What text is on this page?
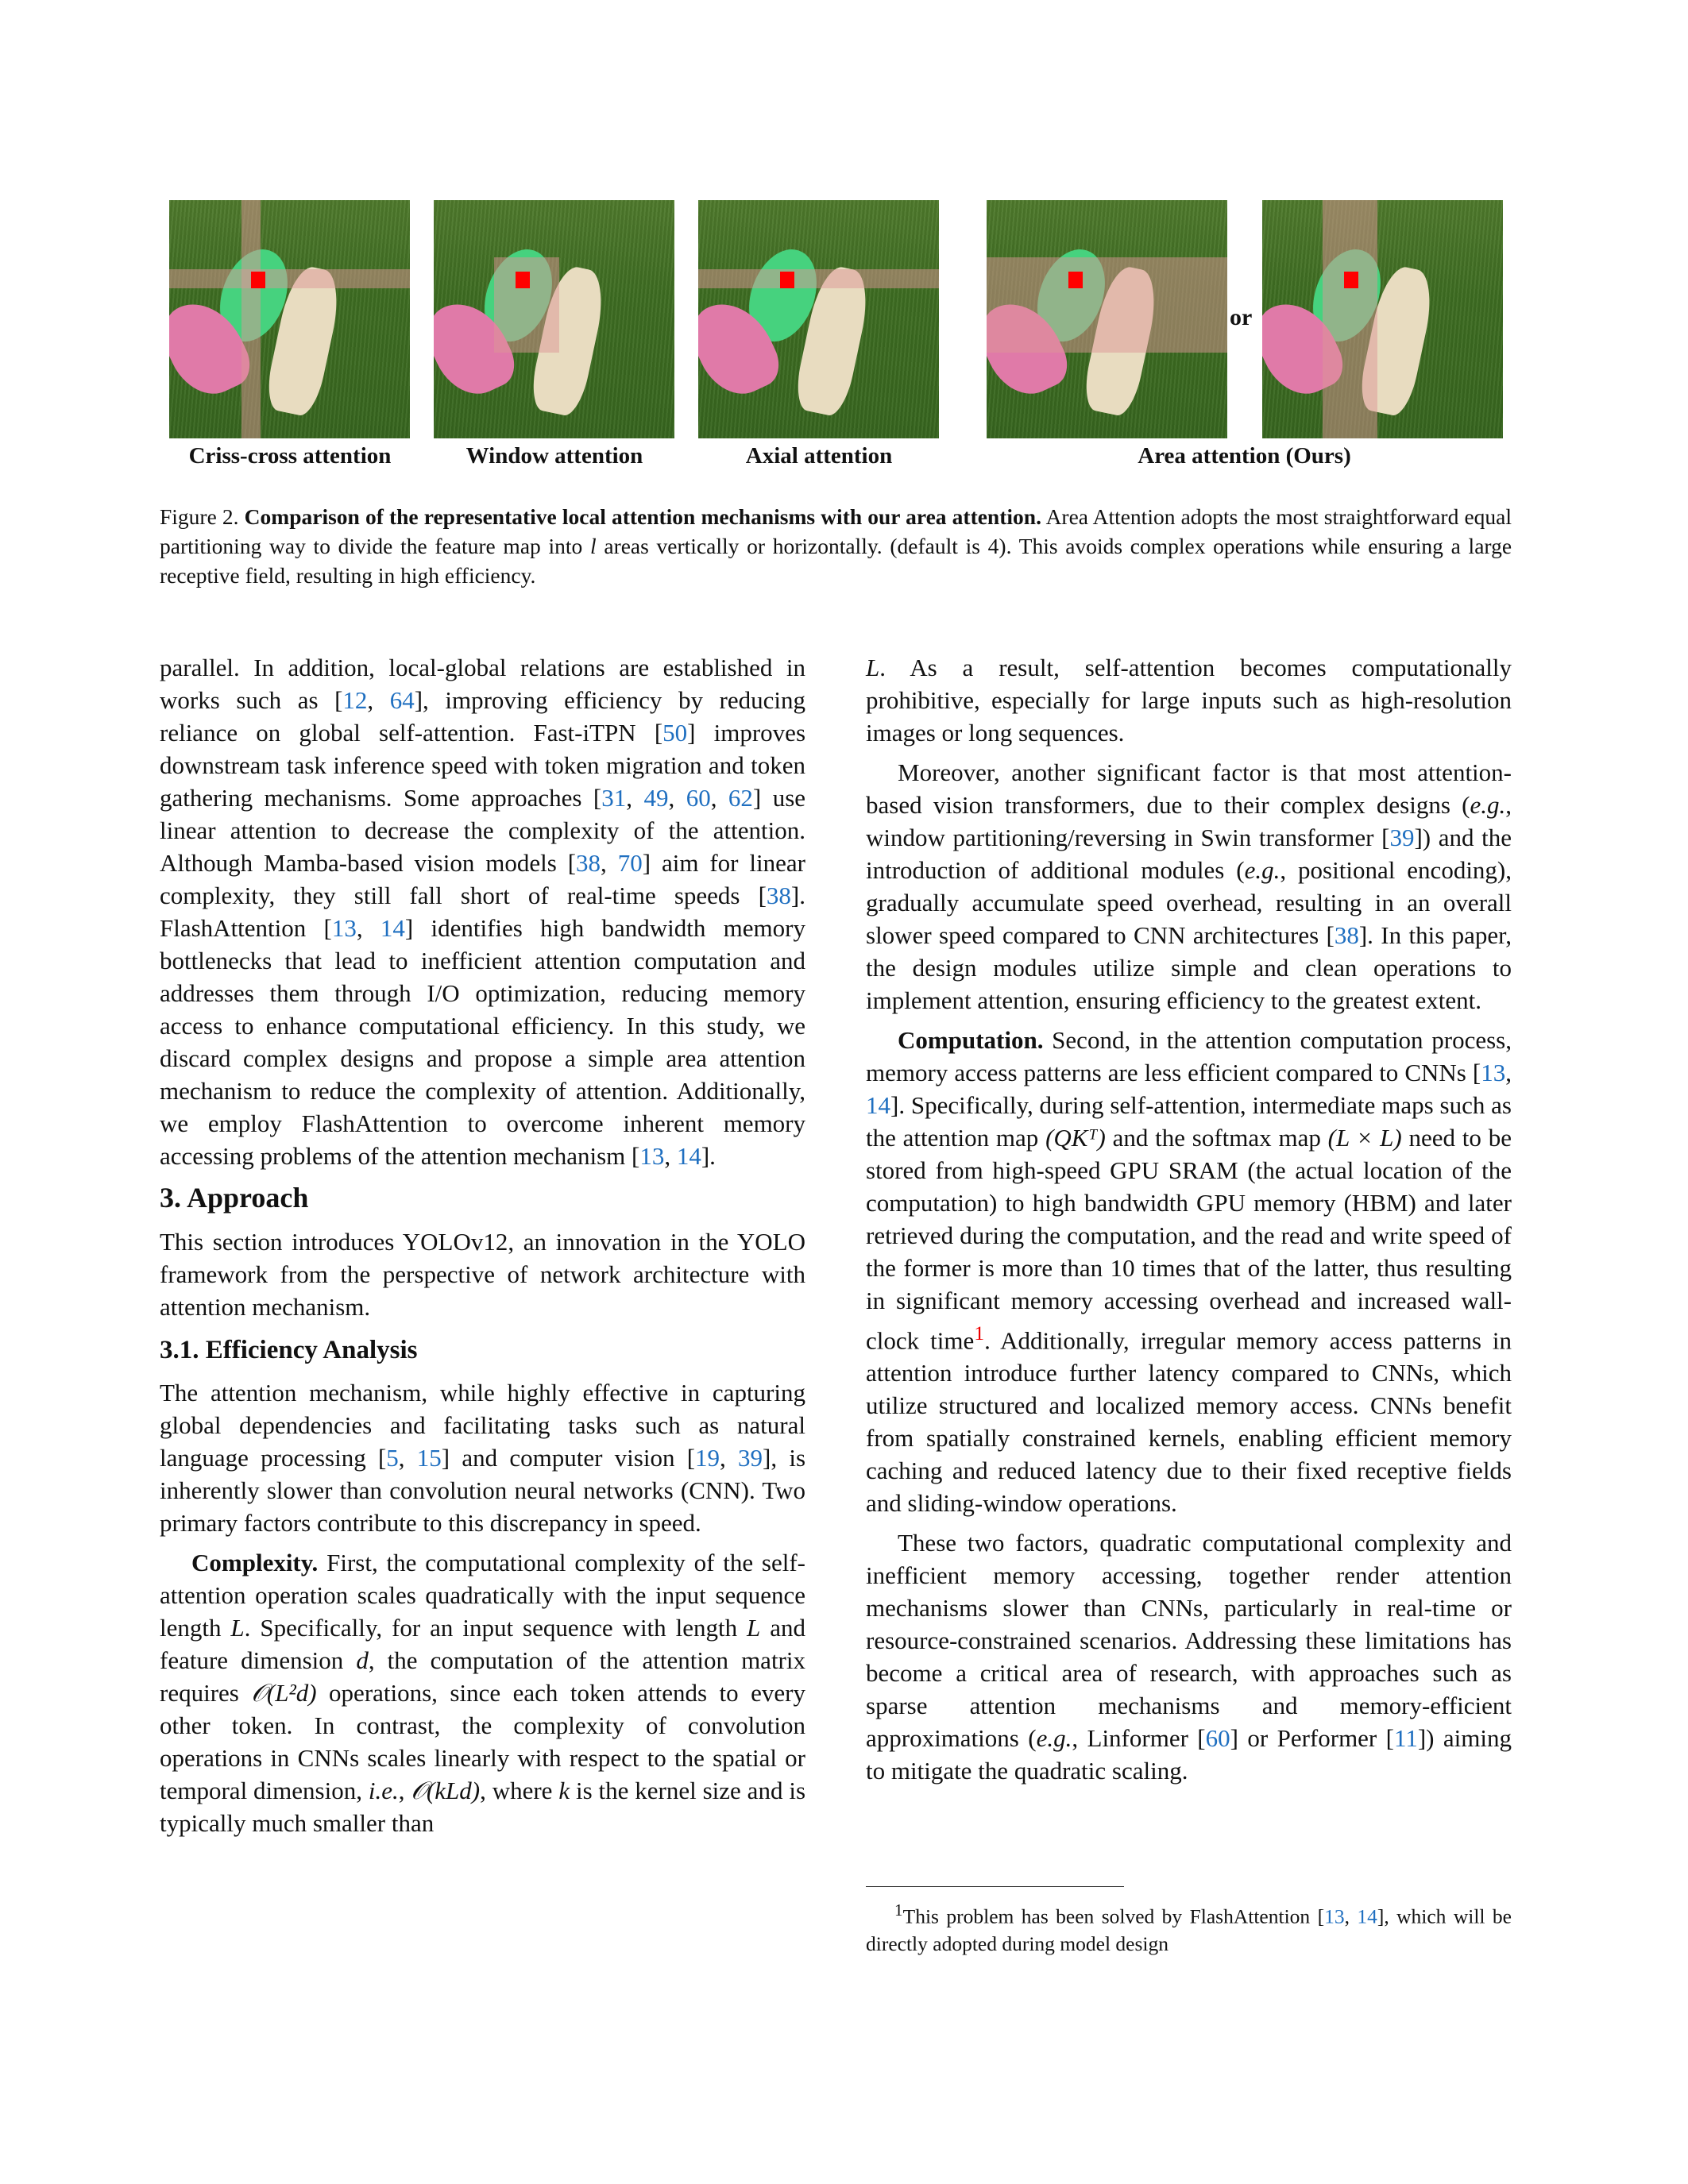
or
Criss-cross attention	Window attention	Axial attention	Area attention (Ours)
Figure 2. Comparison of the representative local attention mechanisms with our area attention. Area Attention adopts the most straightforward equal partitioning way to divide the feature map into l areas vertically or horizontally. (default is 4). This avoids complex operations while ensuring a large receptive field, resulting in high efficiency.

parallel. In addition, local-global relations are established in works such as [12, 64], improving efficiency by reducing reliance on global self-attention. Fast-iTPN [50] improves downstream task inference speed with token migration and token gathering mechanisms. Some approaches [31, 49, 60, 62] use linear attention to decrease the complexity of the attention. Although Mamba-based vision models [38, 70] aim for linear complexity, they still fall short of real-time speeds [38]. FlashAttention [13, 14] identifies high bandwidth memory bottlenecks that lead to inefficient attention computation and addresses them through I/O optimization, reducing memory access to enhance computational efficiency. In this study, we discard complex designs and propose a simple area attention mechanism to reduce the complexity of attention. Additionally, we employ FlashAttention to overcome inherent memory accessing problems of the attention mechanism [13, 14].

3. Approach

This section introduces YOLOv12, an innovation in the YOLO framework from the perspective of network architecture with attention mechanism.

3.1. Efficiency Analysis

The attention mechanism, while highly effective in capturing global dependencies and facilitating tasks such as natural language processing [5, 15] and computer vision [19, 39], is inherently slower than convolution neural networks (CNN). Two primary factors contribute to this discrepancy in speed.

Complexity. First, the computational complexity of the self-attention operation scales quadratically with the input sequence length L. Specifically, for an input sequence with length L and feature dimension d, the computation of the attention matrix requires 𝒪(L²d) operations, since each token attends to every other token. In contrast, the complexity of convolution operations in CNNs scales linearly with respect to the spatial or temporal dimension, i.e., 𝒪(kLd), where k is the kernel size and is typically much smaller than

L. As a result, self-attention becomes computationally prohibitive, especially for large inputs such as high-resolution images or long sequences.

Moreover, another significant factor is that most attention-based vision transformers, due to their complex designs (e.g., window partitioning/reversing in Swin transformer [39]) and the introduction of additional modules (e.g., positional encoding), gradually accumulate speed overhead, resulting in an overall slower speed compared to CNN architectures [38]. In this paper, the design modules utilize simple and clean operations to implement attention, ensuring efficiency to the greatest extent.

Computation. Second, in the attention computation process, memory access patterns are less efficient compared to CNNs [13, 14]. Specifically, during self-attention, intermediate maps such as the attention map (QKᵀ) and the softmax map (L × L) need to be stored from high-speed GPU SRAM (the actual location of the computation) to high bandwidth GPU memory (HBM) and later retrieved during the computation, and the read and write speed of the former is more than 10 times that of the latter, thus resulting in significant memory accessing overhead and increased wall-clock time$^1$. Additionally, irregular memory access patterns in attention introduce further latency compared to CNNs, which utilize structured and localized memory access. CNNs benefit from spatially constrained kernels, enabling efficient memory caching and reduced latency due to their fixed receptive fields and sliding-window operations.

These two factors, quadratic computational complexity and inefficient memory accessing, together render attention mechanisms slower than CNNs, particularly in real-time or resource-constrained scenarios. Addressing these limitations has become a critical area of research, with approaches such as sparse attention mechanisms and memory-efficient approximations (e.g., Linformer [60] or Performer [11]) aiming to mitigate the quadratic scaling.

$^1$This problem has been solved by FlashAttention [13, 14], which will be directly adopted during model design
